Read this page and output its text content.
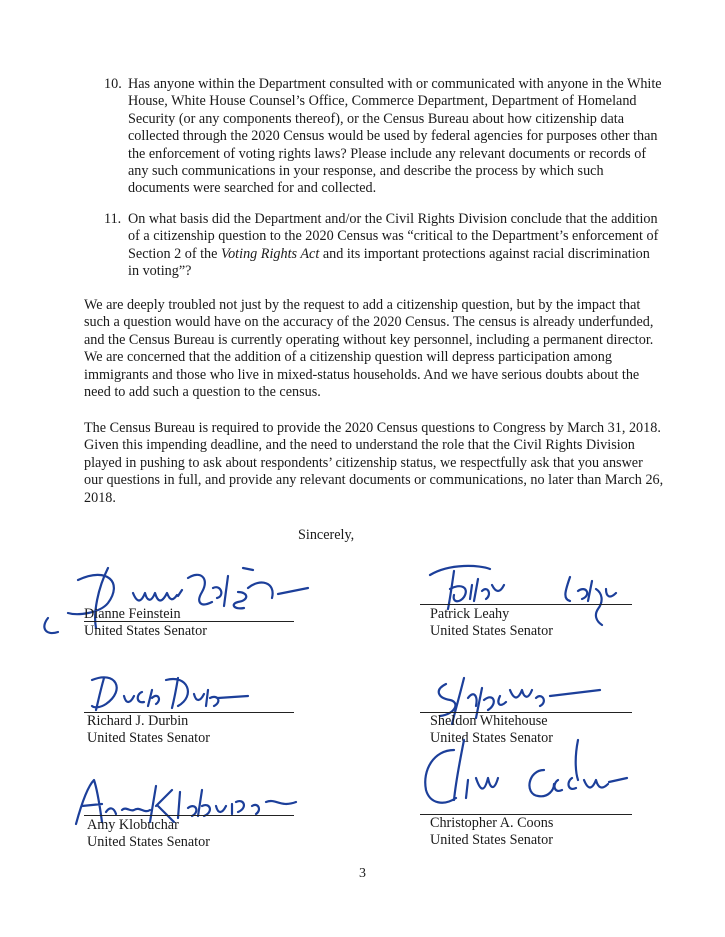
10. Has anyone within the Department consulted with or communicated with anyone in the White House, White House Counsel’s Office, Commerce Department, Department of Homeland Security (or any components thereof), or the Census Bureau about how citizenship data collected through the 2020 Census would be used by federal agencies for purposes other than the enforcement of voting rights laws? Please include any relevant documents or records of any such communications in your response, and describe the process by which such documents were searched for and collected.
11. On what basis did the Department and/or the Civil Rights Division conclude that the addition of a citizenship question to the 2020 Census was “critical to the Department’s enforcement of Section 2 of the Voting Rights Act and its important protections against racial discrimination in voting”?
We are deeply troubled not just by the request to add a citizenship question, but by the impact that such a question would have on the accuracy of the 2020 Census. The census is already underfunded, and the Census Bureau is currently operating without key personnel, including a permanent director. We are concerned that the addition of a citizenship question will depress participation among immigrants and those who live in mixed-status households. And we have serious doubts about the need to add such a question to the census.
The Census Bureau is required to provide the 2020 Census questions to Congress by March 31, 2018. Given this impending deadline, and the need to understand the role that the Civil Rights Division played in pushing to ask about respondents’ citizenship status, we respectfully ask that you answer our questions in full, and provide any relevant documents or communications, no later than March 26, 2018.
Sincerely,
Dianne Feinstein
United States Senator
Patrick Leahy
United States Senator
Richard J. Durbin
United States Senator
Sheldon Whitehouse
United States Senator
Amy Klobuchar
United States Senator
Christopher A. Coons
United States Senator
3
